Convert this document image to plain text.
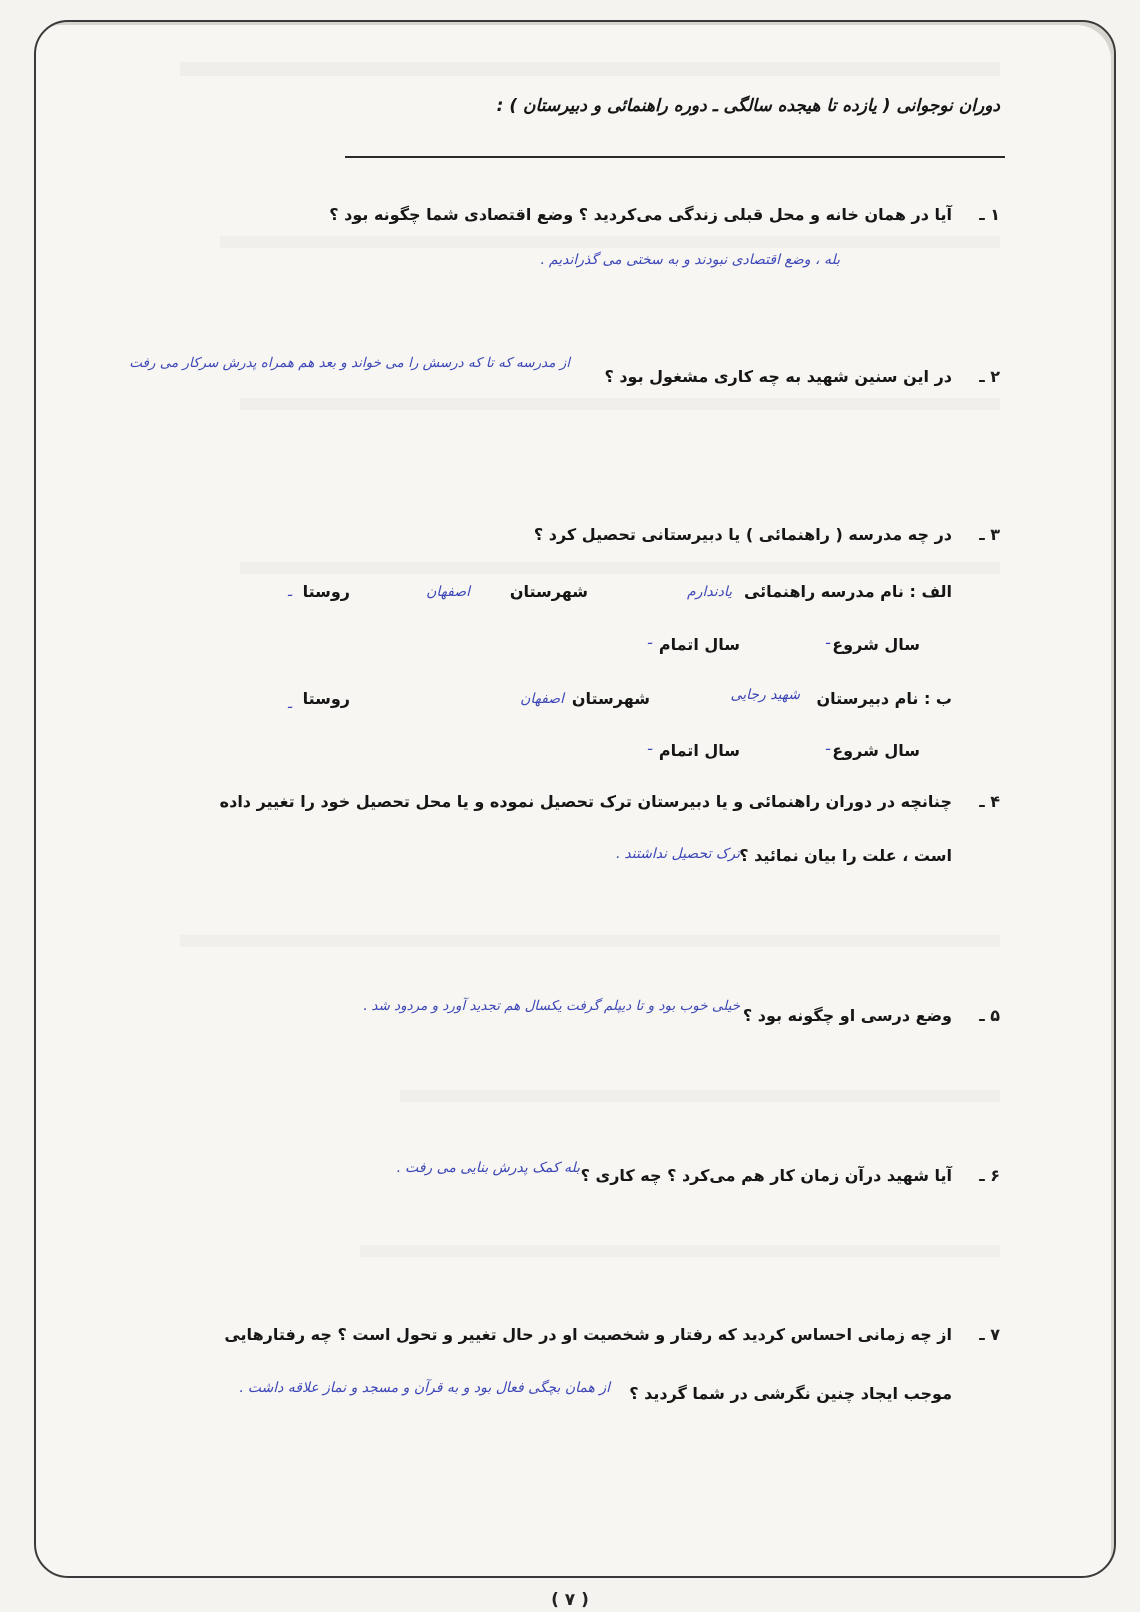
دوران نوجوانی ( یازده تا هیجده سالگی ـ دوره راهنمائی و دبیرستان ) :
۱ ـ
آیا در همان خانه و محل قبلی زندگی می‌کردید ؟ وضع اقتصادی شما چگونه بود ؟
بله ، وضع اقتصادی نبودند و به سختی می گذراندیم .
۲ ـ
در این سنین شهید به چه کاری مشغول بود ؟
از مدرسه که تا که درسش را می خواند و بعد هم همراه پدرش سرکار می رفت
۳ ـ
در چه مدرسه ( راهنمائی ) یا دبیرستانی تحصیل کرد ؟
الف : نام مدرسه راهنمائی
یادندارم
شهرستان
اصفهان
روستا
ـ
سال شروع
ـ
سال اتمام
ـ
ب : نام دبیرستان
شهید رجایی
شهرستان
اصفهان
روستا
ـ
سال شروع
ـ
سال اتمام
ـ
۴ ـ
چنانچه در دوران راهنمائی و یا دبیرستان ترک تحصیل نموده و یا محل تحصیل خود را تغییر داده
است ، علت را بیان نمائید ؟
ترک تحصیل نداشتند .
۵ ـ
وضع درسی او چگونه بود ؟
خیلی خوب بود و تا دیپلم گرفت یکسال هم تجدید آورد و مردود شد .
۶ ـ
آیا شهید درآن زمان کار هم می‌کرد ؟ چه کاری ؟
بله کمک پدرش بنایی می رفت .
۷ ـ
از چه زمانی احساس کردید که رفتار و شخصیت او در حال تغییر و تحول است ؟ چه رفتارهایی
موجب ایجاد چنین نگرشی در شما گردید ؟
از همان بچگی فعال بود و به قرآن و مسجد و نماز علاقه داشت .
( ۷ )
